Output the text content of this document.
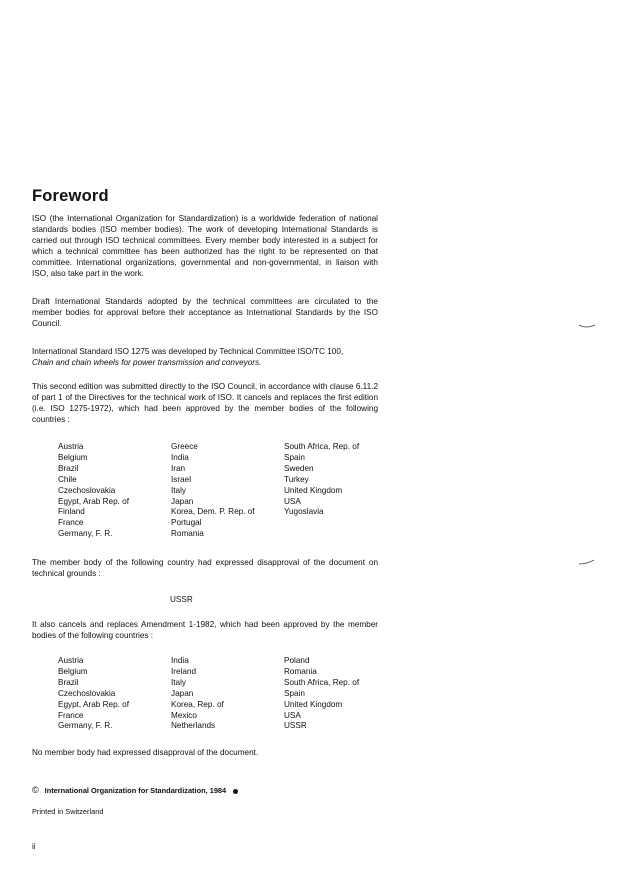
Foreword
ISO (the International Organization for Standardization) is a worldwide federation of national standards bodies (ISO member bodies). The work of developing International Standards is carried out through ISO technical committees. Every member body interested in a subject for which a technical committee has been authorized has the right to be represented on that committee. International organizations, governmental and non-governmental, in liaison with ISO, also take part in the work.
Draft International Standards adopted by the technical committees are circulated to the member bodies for approval before their acceptance as International Standards by the ISO Council.
International Standard ISO 1275 was developed by Technical Committee ISO/TC 100,
Chain and chain wheels for power transmission and conveyors.
This second edition was submitted directly to the ISO Council, in accordance with clause 6.11.2 of part 1 of the Directives for the technical work of ISO. It cancels and replaces the first edition (i.e. ISO 1275-1972), which had been approved by the member bodies of the following countries :
Austria
Belgium
Brazil
Chile
Czechoslovakia
Egypt, Arab Rep. of
Finland
France
Germany, F. R.
Greece
India
Iran
Israel
Italy
Japan
Korea, Dem. P. Rep. of
Portugal
Romania
South Africa, Rep. of
Spain
Sweden
Turkey
United Kingdom
USA
Yugoslavia
The member body of the following country had expressed disapproval of the document on technical grounds :
USSR
It also cancels and replaces Amendment 1-1982, which had been approved by the member bodies of the following countries :
Austria
Belgium
Brazil
Czechoslovakia
Egypt, Arab Rep. of
France
Germany, F. R.
India
Ireland
Italy
Japan
Korea, Rep. of
Mexico
Netherlands
Poland
Romania
South Africa, Rep. of
Spain
United Kingdom
USA
USSR
No member body had expressed disapproval of the document.
© International Organization for Standardization, 1984
Printed in Switzerland
ii
